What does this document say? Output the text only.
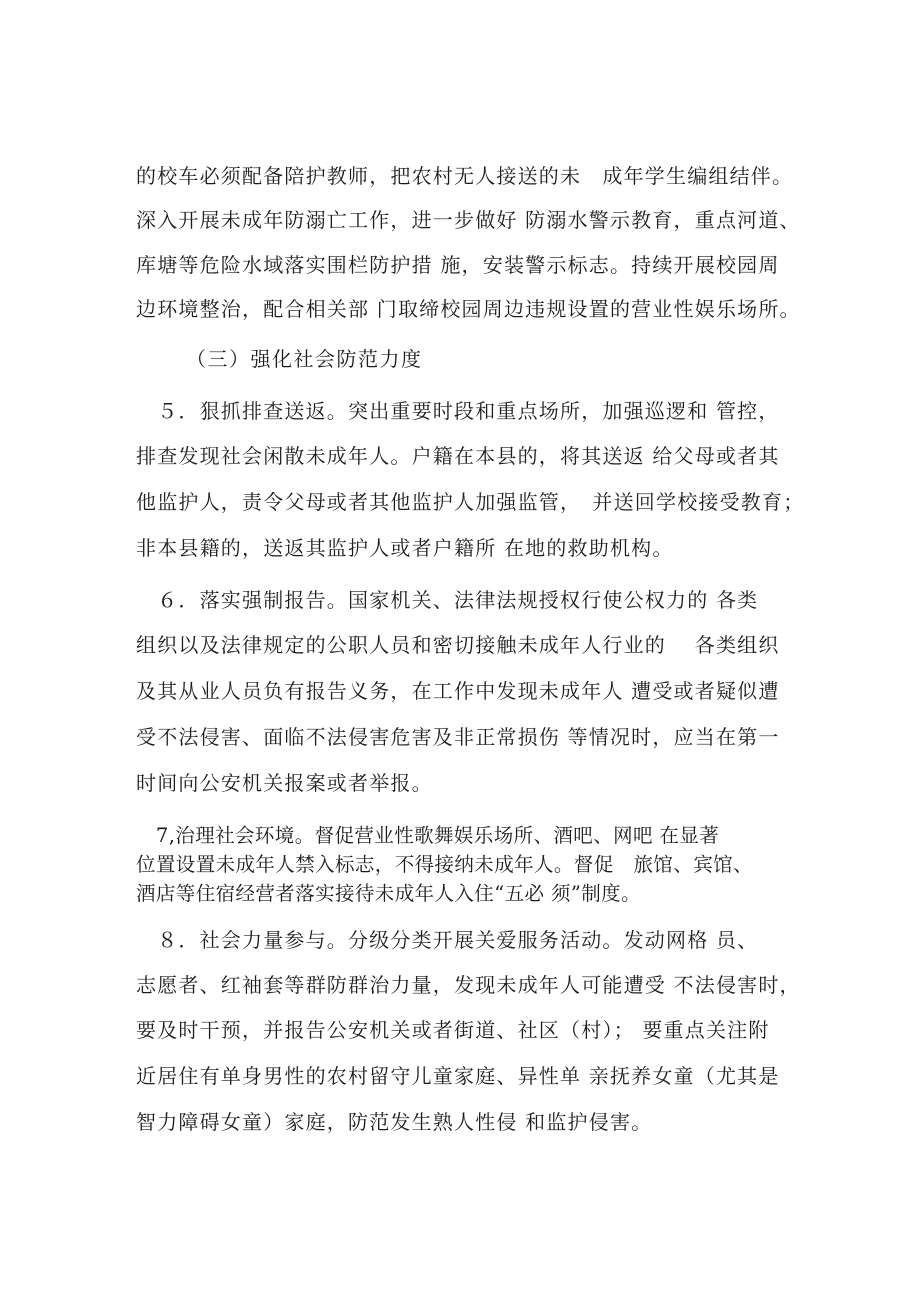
的校车必须配备陪护教师，把农村无人接送的未　成年学生编组结伴。
深入开展未成年防溺亡工作，进一步做好 防溺水警示教育，重点河道、
库塘等危险水域落实围栏防护措 施，安装警示标志。持续开展校园周
边环境整治，配合相关部 门取缔校园周边违规设置的营业性娱乐场所。
（三）强化社会防范力度
　５．狠抓排查送返。突出重要时段和重点场所，加强巡逻和 管控，
排查发现社会闲散未成年人。户籍在本县的，将其送返 给父母或者其
他监护人，责令父母或者其他监护人加强监管，　并送回学校接受教育；
非本县籍的，送返其监护人或者户籍所 在地的救助机构。
　６．落实强制报告。国家机关、法律法规授权行使公权力的 各类
组织以及法律规定的公职人员和密切接触未成年人行业的　 各类组织
及其从业人员负有报告义务，在工作中发现未成年人 遭受或者疑似遭
受不法侵害、面临不法侵害危害及非正常损伤 等情况时，应当在第一
时间向公安机关报案或者举报。
　7,治理社会环境。督促营业性歌舞娱乐场所、酒吧、网吧 在显著
位置设置未成年人禁入标志，不得接纳未成年人。督促　旅馆、宾馆、
酒店等住宿经营者落实接待未成年人入住“五必 须”制度。
　８．社会力量参与。分级分类开展关爱服务活动。发动网格 员、
志愿者、红袖套等群防群治力量，发现未成年人可能遭受 不法侵害时，
要及时干预，并报告公安机关或者街道、社区（村）； 要重点关注附
近居住有单身男性的农村留守儿童家庭、异性单 亲抚养女童（尤其是
智力障碍女童）家庭，防范发生熟人性侵 和监护侵害。
